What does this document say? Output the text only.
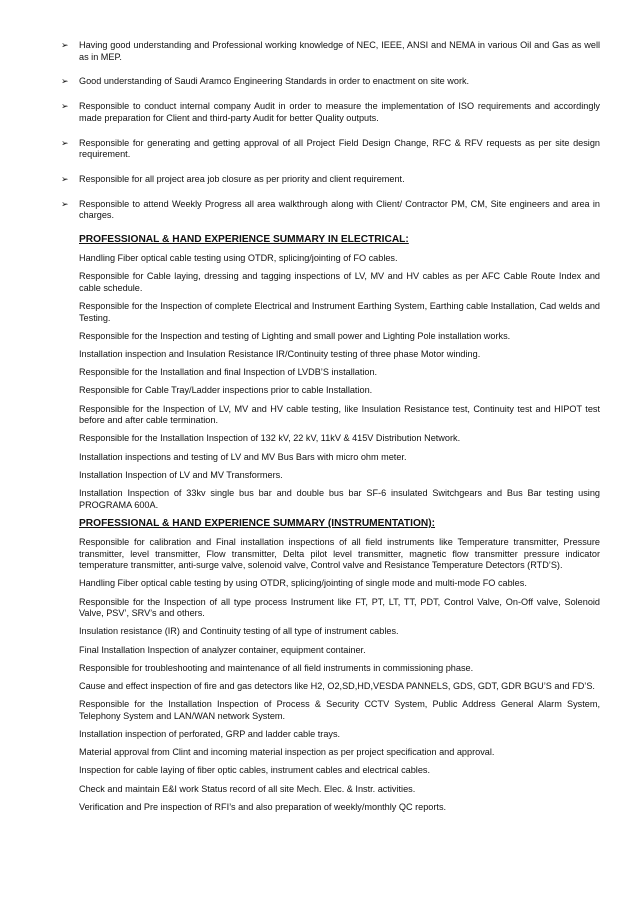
➢ Having good understanding and Professional working knowledge of NEC, IEEE, ANSI and NEMA in various Oil and Gas as well as in MEP.
➢ Good understanding of Saudi Aramco Engineering Standards in order to enactment on site work.
➢ Responsible to conduct internal company Audit in order to measure the implementation of ISO requirements and accordingly made preparation for Client and third-party Audit for better Quality outputs.
➢ Responsible for generating and getting approval of all Project Field Design Change, RFC & RFV requests as per site design requirement.
➢ Responsible for all project area job closure as per priority and client requirement.
➢ Responsible to attend Weekly Progress all area walkthrough along with Client/ Contractor PM, CM, Site engineers and area in charges.
PROFESSIONAL & HAND EXPERIENCE SUMMARY IN ELECTRICAL:

Handling Fiber optical cable testing using OTDR, splicing/jointing of FO cables.

Responsible for Cable laying, dressing and tagging inspections of LV, MV and HV cables as per AFC Cable Route Index and cable schedule.

Responsible for the Inspection of complete Electrical and Instrument Earthing System, Earthing cable Installation, Cad welds and Testing.

Responsible for the Inspection and testing of Lighting and small power and Lighting Pole installation works.

Installation inspection and Insulation Resistance IR/Continuity testing of three phase Motor winding.

Responsible for the Installation and final Inspection of LVDB’S installation.

Responsible for Cable Tray/Ladder inspections prior to cable Installation.

Responsible for the Inspection of LV, MV and HV cable testing, like Insulation Resistance test, Continuity test and HIPOT test before and after cable termination.

Responsible for the Installation Inspection of 132 kV, 22 kV, 11kV & 415V Distribution Network.

Installation inspections and testing of LV and MV Bus Bars with micro ohm meter.

Installation Inspection of LV and MV Transformers.

Installation Inspection of 33kv single bus bar and double bus bar SF-6 insulated Switchgears and Bus Bar testing using PROGRAMA 600A.

PROFESSIONAL & HAND EXPERIENCE SUMMARY (INSTRUMENTATION):

Responsible for calibration and Final installation inspections of all field instruments like Temperature transmitter, Pressure transmitter, level transmitter, Flow transmitter, Delta pilot level transmitter, magnetic flow transmitter pressure indicator temperature transmitter, anti-surge valve, solenoid valve, Control valve and Resistance Temperature Detectors (RTD’S).

Handling Fiber optical cable testing by using OTDR, splicing/jointing of single mode and multi-mode FO cables.

Responsible for the Inspection of all type process Instrument like FT, PT, LT, TT, PDT, Control Valve, On-Off valve, Solenoid Valve, PSV’, SRV’s and others.

Insulation resistance (IR) and Continuity testing of all type of instrument cables.

Final Installation Inspection of analyzer container, equipment container.

Responsible for troubleshooting and maintenance of all field instruments in commissioning phase.

Cause and effect inspection of fire and gas detectors like H2, O2,SD,HD,VESDA PANNELS, GDS, GDT, GDR BGU’S and FD’S.

Responsible for the Installation Inspection of Process & Security CCTV System, Public Address General Alarm System, Telephony System and LAN/WAN network System.

Installation inspection of perforated, GRP and ladder cable trays.

Material approval from Clint and incoming material inspection as per project specification and approval.

Inspection for cable laying of fiber optic cables, instrument cables and electrical cables.

Check and maintain E&I work Status record of all site Mech. Elec. & Instr. activities.

Verification and Pre inspection of RFI’s and also preparation of weekly/monthly QC reports.
